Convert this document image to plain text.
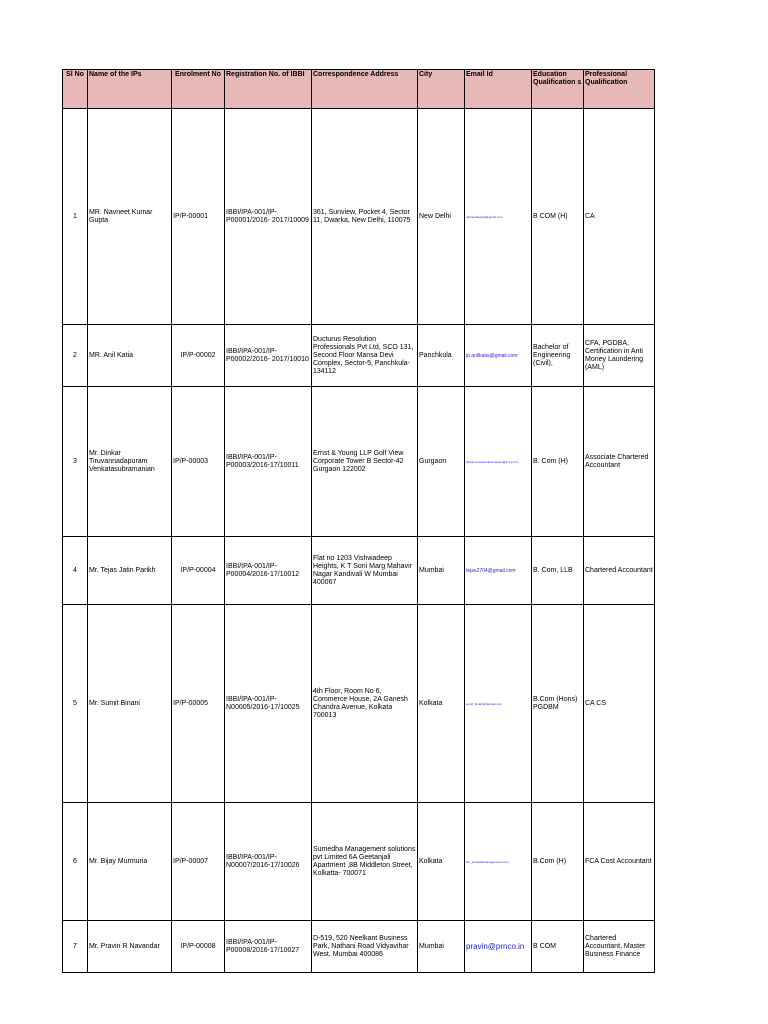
Sl No	Name of the IPs	Enrolment No	Registration No. of IBBI	Correspondence Address	City	Email Id	Education Qualification s	Professional Qualification
1	MR. Navneet Kumar Gupta	IP/P-00001	IBBI/IPA-001/IP-P00001/2016- 2017/10009	361, Sunview, Pocket 4, Sector 11, Dwarka, New Delhi, 110075	New Delhi	navneetkgupta@gmail.com	B COM (H)	CA
2	MR. Anil Katia	IP/P-00002	IBBI/IPA-001/IP-P00002/2016- 2017/10010	Ducturus Resolution Professionals Pvt Ltd, SCO 131, Second Floor Mansa Devi Complex, Sector-5, Panchkula- 134112	Panchkula	ip.anilkatia@gmail.com	Bachelor of Engineering (Civil),	CFA, PGDBA, Certification in Anti Money Laundering (AML)
3	Mr. Dinkar Tiruvannadapuram Venkatasubramanian	IP/P-00003	IBBI/IPA-001/IP-P00003/2016-17/10011	Ernst & Young LLP Golf View Corporate Tower B Sector-42 Gurgaon 122002	Gurgaon	dinkar.venkatasubramanian@in.ey.com	B. Com (H)	Associate Chartered Accountant
4	Mr. Tejas Jatin Parikh	IP/P-00004	IBBI/IPA-001/IP-P00004/2016-17/10012	Flat no 1203 Vishwadeep Heights, K T Soni Marg Mahavir Nagar Kandivali W Mumbai 400067	Mumbai	tejas2704@gmail.com	B. Com, LLB	Chartered Accountant
5	Mr. Sumit Binani	IP/P-00005	IBBI/IPA-001/IP-N00005/2016-17/10025	4th Floor, Room No 6, Commerce House, 2A Ganesh Chandra Avenue, Kolkata 700013	Kolkata	sumit_binani@hotmail.com	B.Com (Hons) PGDBM	CA CS
6	Mr. Bijay Murmuria	IP/P-00007	IBBI/IPA-001/IP-N00007/2016-17/10026	Sumedha Management solutions pvt Limited 6A Geetanjali Apartment ,8B Middleton Street, Kolkatta- 700071	Kolkata	bm_sumedhamanagement.co.in	B.Com (H)	FCA Cost Accountant
7	Mr. Pravin R Navandar	IP/P-00008	IBBI/IPA-001/IP-P00008/2016-17/10027	D-519, 520 Neelkant Business Park, Nathani Road Vidyavihar West, Mumbai 400086	Mumbai	pravin@prnco.in	B COM	Chartered Accountant, Master Business Finance
